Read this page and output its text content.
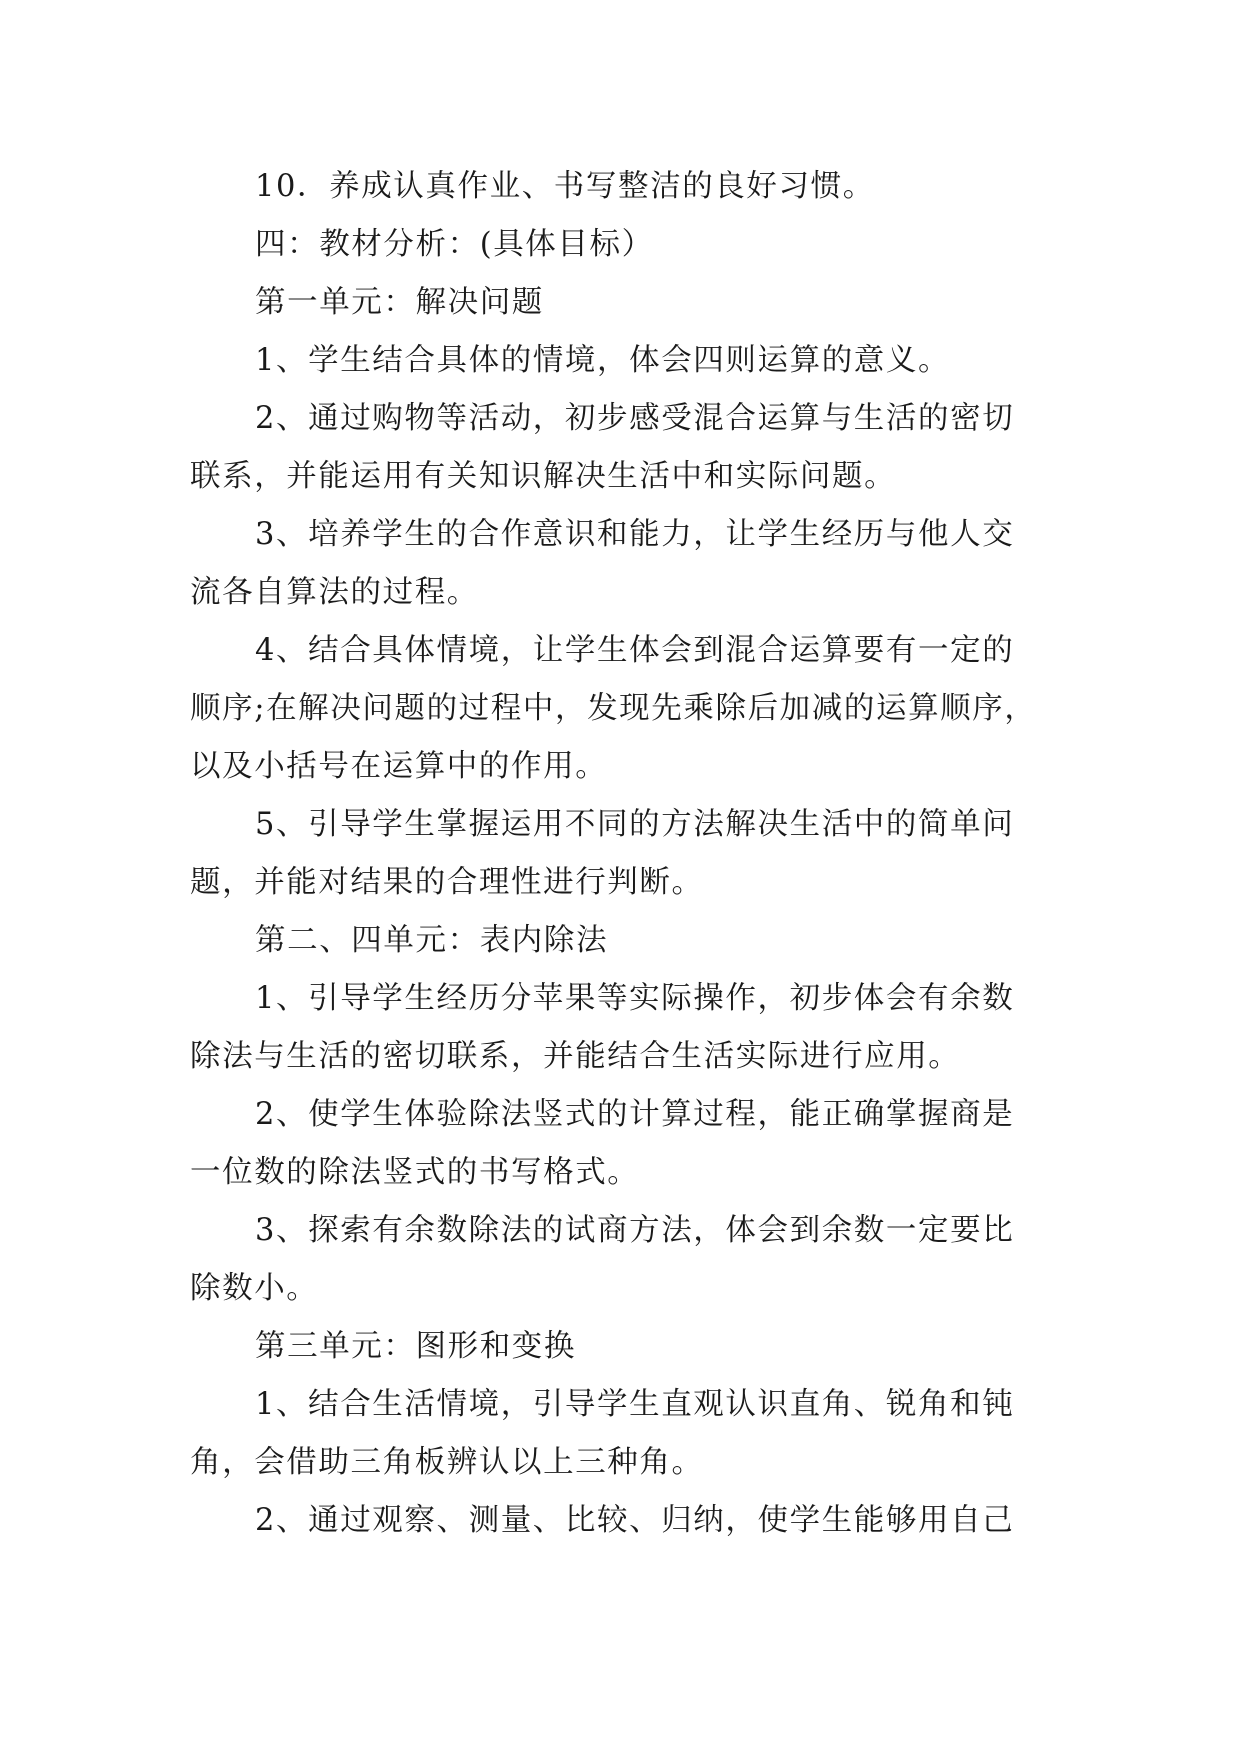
10．养成认真作业、书写整洁的良好习惯。
四：教材分析：(具体目标）
第一单元：解决问题
1、学生结合具体的情境，体会四则运算的意义。
2、通过购物等活动，初步感受混合运算与生活的密切
联系，并能运用有关知识解决生活中和实际问题。
3、培养学生的合作意识和能力，让学生经历与他人交
流各自算法的过程。
4、结合具体情境，让学生体会到混合运算要有一定的
顺序;在解决问题的过程中，发现先乘除后加减的运算顺序，
以及小括号在运算中的作用。
5、引导学生掌握运用不同的方法解决生活中的简单问
题，并能对结果的合理性进行判断。
第二、四单元：表内除法
1、引导学生经历分苹果等实际操作，初步体会有余数
除法与生活的密切联系，并能结合生活实际进行应用。
2、使学生体验除法竖式的计算过程，能正确掌握商是
一位数的除法竖式的书写格式。
3、探索有余数除法的试商方法，体会到余数一定要比
除数小。
第三单元：图形和变换
1、结合生活情境，引导学生直观认识直角、锐角和钝
角，会借助三角板辨认以上三种角。
2、通过观察、测量、比较、归纳，使学生能够用自己
